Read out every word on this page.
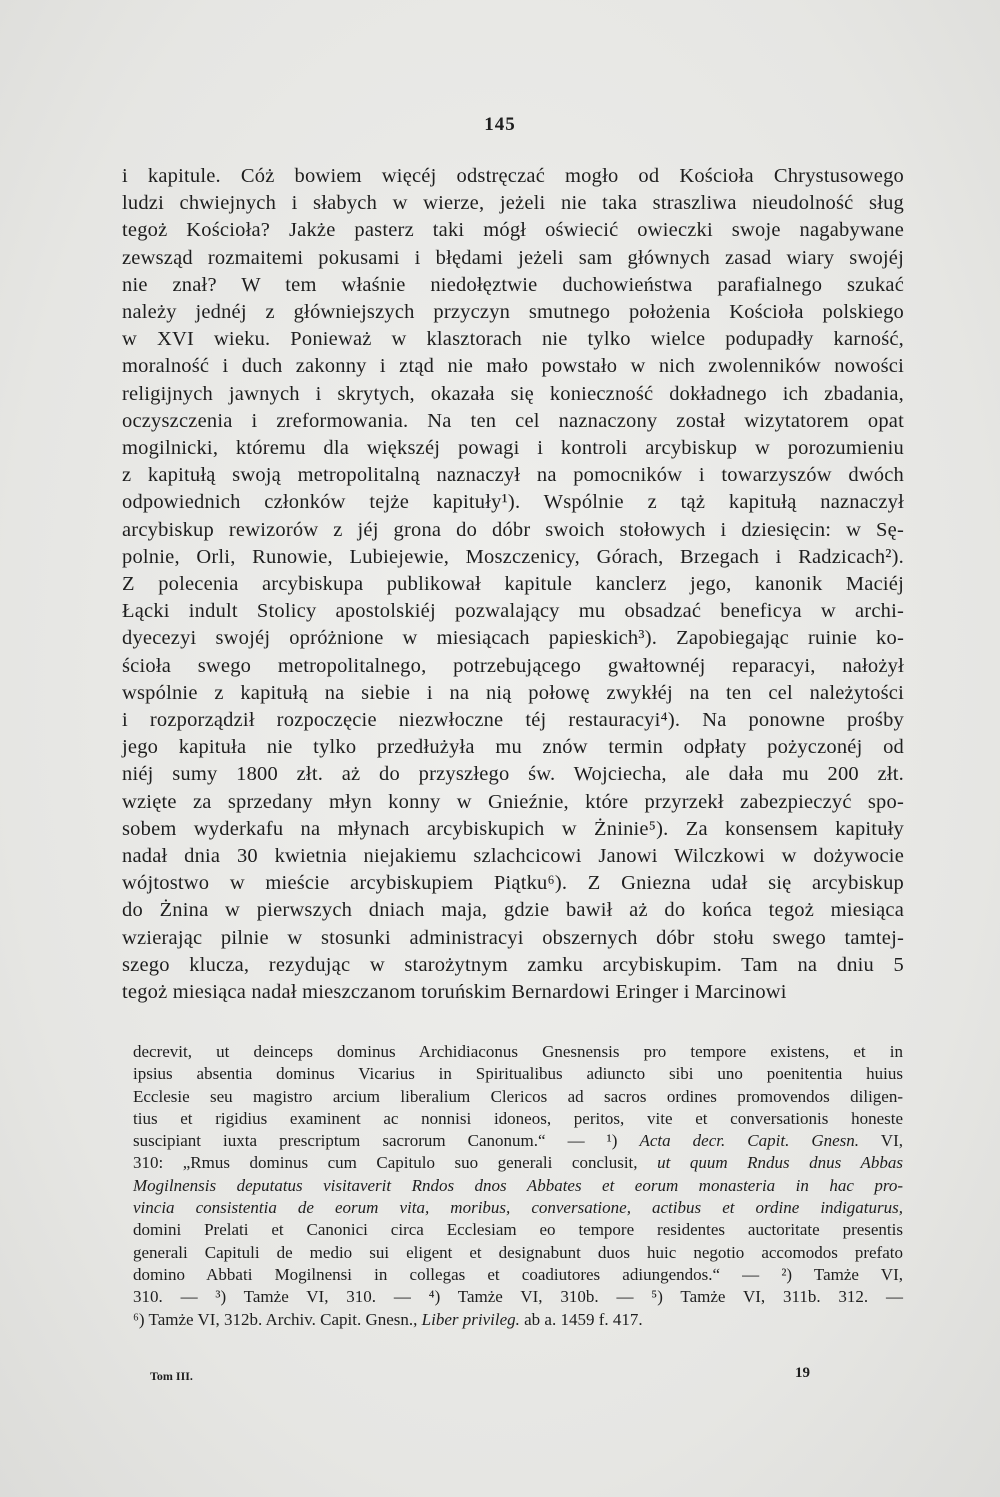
145
i kapitule. Cóż bowiem więcéj odstręczać mogło od Kościoła Chrystusowego
ludzi chwiejnych i słabych w wierze, jeżeli nie taka straszliwa nieudolność sług
tegoż Kościoła? Jakże pasterz taki mógł oświecić owieczki swoje nagabywane
zewsząd rozmaitemi pokusami i błędami jeżeli sam głównych zasad wiary swojéj
nie znał? W tem właśnie niedołęztwie duchowieństwa parafialnego szukać
należy jednéj z główniejszych przyczyn smutnego położenia Kościoła polskiego
w XVI wieku. Ponieważ w klasztorach nie tylko wielce podupadły karność,
moralność i duch zakonny i ztąd nie mało powstało w nich zwolenników nowości
religijnych jawnych i skrytych, okazała się konieczność dokładnego ich zbadania,
oczyszczenia i zreformowania. Na ten cel naznaczony został wizytatorem opat
mogilnicki, któremu dla większéj powagi i kontroli arcybiskup w porozumieniu
z kapitułą swoją metropolitalną naznaczył na pomocników i towarzyszów dwóch
odpowiednich członków tejże kapituły¹). Wspólnie z tąż kapitułą naznaczył
arcybiskup rewizorów z jéj grona do dóbr swoich stołowych i dziesięcin: w Sę-
polnie, Orli, Runowie, Lubiejewie, Moszczenicy, Górach, Brzegach i Radzicach²).
Z polecenia arcybiskupa publikował kapitule kanclerz jego, kanonik Maciéj
Łącki indult Stolicy apostolskiéj pozwalający mu obsadzać beneficya w archi-
dyecezyi swojéj opróżnione w miesiącach papieskich³). Zapobiegając ruinie ko-
ścioła swego metropolitalnego, potrzebującego gwałtownéj reparacyi, nałożył
wspólnie z kapitułą na siebie i na nią połowę zwykłéj na ten cel należytości
i rozporządził rozpoczęcie niezwłoczne téj restauracyi⁴). Na ponowne prośby
jego kapituła nie tylko przedłużyła mu znów termin odpłaty pożyczonéj od
niéj sumy 1800 złt. aż do przyszłego św. Wojciecha, ale dała mu 200 złt.
wzięte za sprzedany młyn konny w Gnieźnie, które przyrzekł zabezpieczyć spo-
sobem wyderkafu na młynach arcybiskupich w Żninie⁵). Za konsensem kapituły
nadał dnia 30 kwietnia niejakiemu szlachcicowi Janowi Wilczkowi w dożywocie
wójtostwo w mieście arcybiskupiem Piątku⁶). Z Gniezna udał się arcybiskup
do Żnina w pierwszych dniach maja, gdzie bawił aż do końca tegoż miesiąca
wzierając pilnie w stosunki administracyi obszernych dóbr stołu swego tamtej-
szego klucza, rezydując w starożytnym zamku arcybiskupim. Tam na dniu 5
tegoż miesiąca nadał mieszczanom toruńskim Bernardowi Eringer i Marcinowi
decrevit, ut deinceps dominus Archidiaconus Gnesnensis pro tempore existens, et in
ipsius absentia dominus Vicarius in Spiritualibus adiuncto sibi uno poenitentia huius
Ecclesie seu magistro arcium liberalium Clericos ad sacros ordines promovendos diligen-
tius et rigidius examinent ac nonnisi idoneos, peritos, vite et conversationis honeste
suscipiant iuxta prescriptum sacrorum Canonum.“ — ¹) Acta decr. Capit. Gnesn. VI,
310: „Rmus dominus cum Capitulo suo generali conclusit, ut quum Rndus dnus Abbas
Mogilnensis deputatus visitaverit Rndos dnos Abbates et eorum monasteria in hac pro-
vincia consistentia de eorum vita, moribus, conversatione, actibus et ordine indigaturus,
domini Prelati et Canonici circa Ecclesiam eo tempore residentes auctoritate presentis
generali Capituli de medio sui eligent et designabunt duos huic negotio accomodos prefato
domino Abbati Mogilnensi in collegas et coadiutores adiungendos.“ — ²) Tamże VI,
310. — ³) Tamże VI, 310. — ⁴) Tamże VI, 310b. — ⁵) Tamże VI, 311b. 312. —
⁶) Tamże VI, 312b. Archiv. Capit. Gnesn., Liber privileg. ab a. 1459 f. 417.
Tom III.	19
